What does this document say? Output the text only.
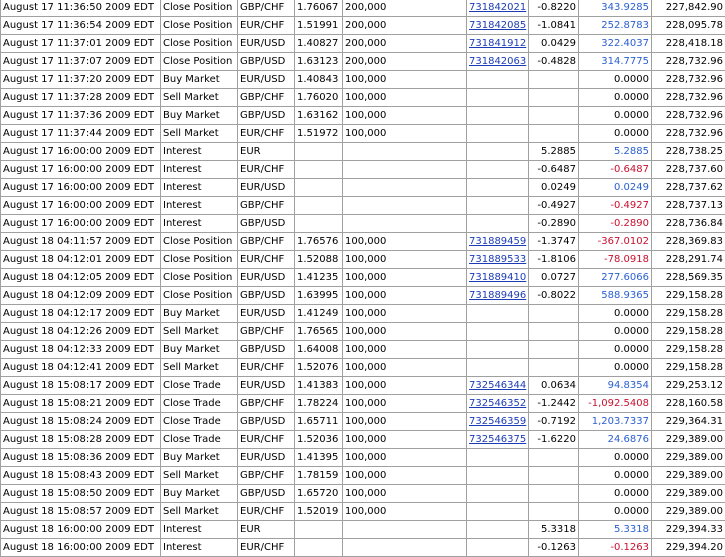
August 17 11:36:50 2009 EDT	Close Position	GBP/CHF	1.76067	200,000	731842021	-0.8220	343.9285	227,842.90
August 17 11:36:54 2009 EDT	Close Position	EUR/CHF	1.51991	200,000	731842085	-1.0841	252.8783	228,095.78
August 17 11:37:01 2009 EDT	Close Position	EUR/USD	1.40827	200,000	731841912	0.0429	322.4037	228,418.18
August 17 11:37:07 2009 EDT	Close Position	GBP/USD	1.63123	200,000	731842063	-0.4828	314.7775	228,732.96
August 17 11:37:20 2009 EDT	Buy Market	EUR/USD	1.40843	100,000			0.0000	228,732.96
August 17 11:37:28 2009 EDT	Sell Market	GBP/CHF	1.76020	100,000			0.0000	228,732.96
August 17 11:37:36 2009 EDT	Buy Market	GBP/USD	1.63162	100,000			0.0000	228,732.96
August 17 11:37:44 2009 EDT	Sell Market	EUR/CHF	1.51972	100,000			0.0000	228,732.96
August 17 16:00:00 2009 EDT	Interest	EUR				5.2885	5.2885	228,738.25
August 17 16:00:00 2009 EDT	Interest	EUR/CHF				-0.6487	-0.6487	228,737.60
August 17 16:00:00 2009 EDT	Interest	EUR/USD				0.0249	0.0249	228,737.62
August 17 16:00:00 2009 EDT	Interest	GBP/CHF				-0.4927	-0.4927	228,737.13
August 17 16:00:00 2009 EDT	Interest	GBP/USD				-0.2890	-0.2890	228,736.84
August 18 04:11:57 2009 EDT	Close Position	GBP/CHF	1.76576	100,000	731889459	-1.3747	-367.0102	228,369.83
August 18 04:12:01 2009 EDT	Close Position	EUR/CHF	1.52088	100,000	731889533	-1.8106	-78.0918	228,291.74
August 18 04:12:05 2009 EDT	Close Position	EUR/USD	1.41235	100,000	731889410	0.0727	277.6066	228,569.35
August 18 04:12:09 2009 EDT	Close Position	GBP/USD	1.63995	100,000	731889496	-0.8022	588.9365	229,158.28
August 18 04:12:17 2009 EDT	Buy Market	EUR/USD	1.41249	100,000			0.0000	229,158.28
August 18 04:12:26 2009 EDT	Sell Market	GBP/CHF	1.76565	100,000			0.0000	229,158.28
August 18 04:12:33 2009 EDT	Buy Market	GBP/USD	1.64008	100,000			0.0000	229,158.28
August 18 04:12:41 2009 EDT	Sell Market	EUR/CHF	1.52076	100,000			0.0000	229,158.28
August 18 15:08:17 2009 EDT	Close Trade	EUR/USD	1.41383	100,000	732546344	0.0634	94.8354	229,253.12
August 18 15:08:21 2009 EDT	Close Trade	GBP/CHF	1.78224	100,000	732546352	-1.2442	-1,092.5408	228,160.58
August 18 15:08:24 2009 EDT	Close Trade	GBP/USD	1.65711	100,000	732546359	-0.7192	1,203.7337	229,364.31
August 18 15:08:28 2009 EDT	Close Trade	EUR/CHF	1.52036	100,000	732546375	-1.6220	24.6876	229,389.00
August 18 15:08:36 2009 EDT	Buy Market	EUR/USD	1.41395	100,000			0.0000	229,389.00
August 18 15:08:43 2009 EDT	Sell Market	GBP/CHF	1.78159	100,000			0.0000	229,389.00
August 18 15:08:50 2009 EDT	Buy Market	GBP/USD	1.65720	100,000			0.0000	229,389.00
August 18 15:08:57 2009 EDT	Sell Market	EUR/CHF	1.52019	100,000			0.0000	229,389.00
August 18 16:00:00 2009 EDT	Interest	EUR				5.3318	5.3318	229,394.33
August 18 16:00:00 2009 EDT	Interest	EUR/CHF				-0.1263	-0.1263	229,394.20
